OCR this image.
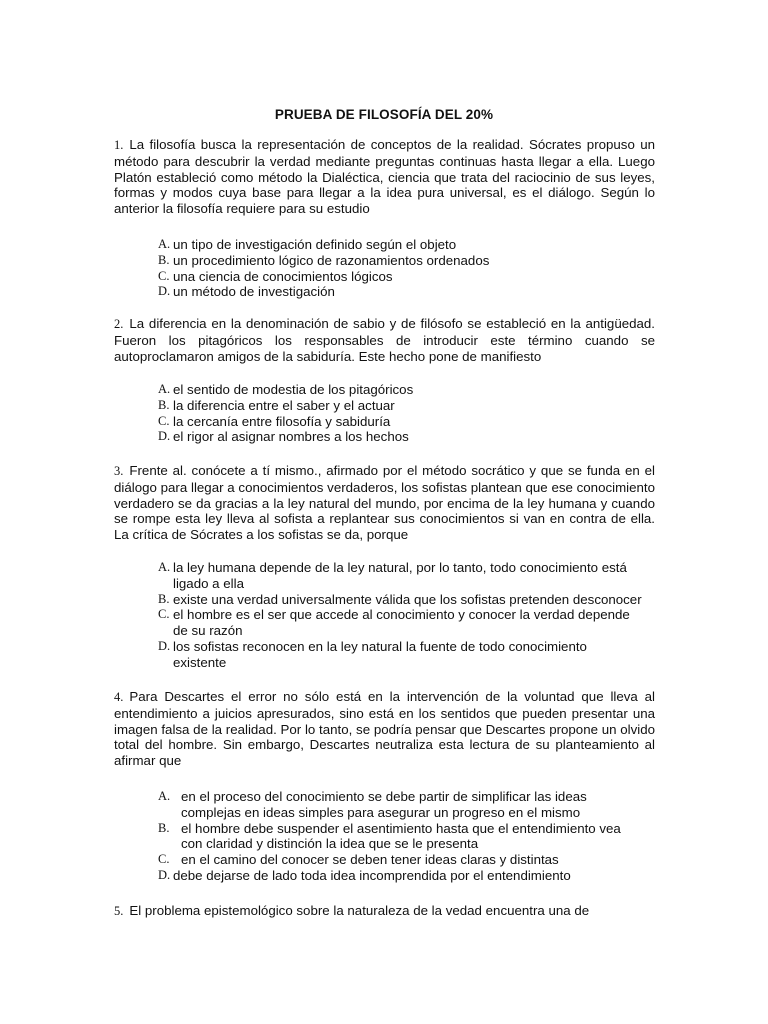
PRUEBA DE FILOSOFÍA DEL 20%
1. La filosofía busca la representación de conceptos de la realidad. Sócrates propuso un método para descubrir la verdad mediante preguntas continuas hasta llegar a ella. Luego Platón estableció como método la Dialéctica, ciencia que trata del raciocinio de sus leyes, formas y modos cuya base para llegar a la idea pura universal, es el diálogo. Según lo anterior la filosofía requiere para su estudio
A. un tipo de investigación definido según el objeto
B. un procedimiento lógico de razonamientos ordenados
C. una ciencia de conocimientos lógicos
D. un método de investigación
2. La diferencia en la denominación de sabio y de filósofo se estableció en la antigüedad. Fueron los pitagóricos los responsables de introducir este término cuando se autoproclamaron amigos de la sabiduría. Este hecho pone de manifiesto
A. el sentido de modestia de los pitagóricos
B. la diferencia entre el saber y el actuar
C. la cercanía entre filosofía y sabiduría
D. el rigor al asignar nombres a los hechos
3. Frente al. conócete a tí mismo., afirmado por el método socrático y que se funda en el diálogo para llegar a conocimientos verdaderos, los sofistas plantean que ese conocimiento verdadero se da gracias a la ley natural del mundo, por encima de la ley humana y cuando se rompe esta ley lleva al sofista a replantear sus conocimientos si van en contra de ella. La crítica de Sócrates a los sofistas se da, porque
A. la ley humana depende de la ley natural, por lo tanto, todo conocimiento está
ligado a ella
B. existe una verdad universalmente válida que los sofistas pretenden desconocer
C. el hombre es el ser que accede al conocimiento y conocer la verdad depende
de su razón
D. los sofistas reconocen en la ley natural la fuente de todo conocimiento
existente
4. Para Descartes el error no sólo está en la intervención de la voluntad que lleva al entendimiento a juicios apresurados, sino está en los sentidos que pueden presentar una imagen falsa de la realidad. Por lo tanto, se podría pensar que Descartes propone un olvido total del hombre. Sin embargo, Descartes neutraliza esta lectura de su planteamiento al afirmar que
A. en el proceso del conocimiento se debe partir de simplificar las ideas
complejas en ideas simples para asegurar un progreso en el mismo
B. el hombre debe suspender el asentimiento hasta que el entendimiento vea
con claridad y distinción la idea que se le presenta
C. en el camino del conocer se deben tener ideas claras y distintas
D. debe dejarse de lado toda idea incomprendida por el entendimiento
5. El problema epistemológico sobre la naturaleza de la vedad encuentra una de
